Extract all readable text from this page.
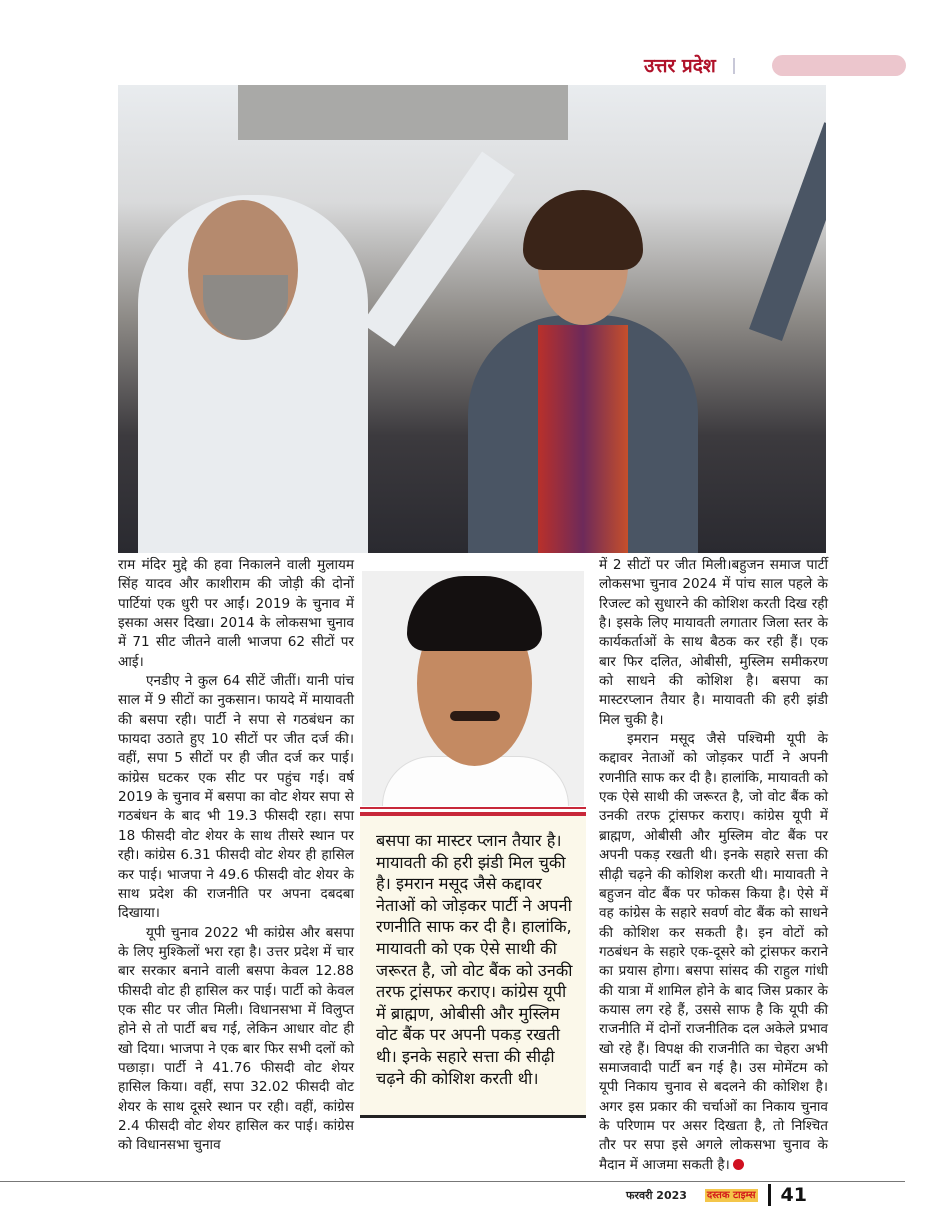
उत्तर प्रदेश

राम मंदिर मुद्दे की हवा निकालने वाली मुलायम सिंह यादव और काशीराम की जोड़ी की दोनों पार्टियां एक धुरी पर आईं। 2019 के चुनाव में इसका असर दिखा। 2014 के लोकसभा चुनाव में 71 सीट जीतने वाली भाजपा 62 सीटों पर आई।

एनडीए ने कुल 64 सीटें जीतीं। यानी पांच साल में 9 सीटों का नुकसान। फायदे में मायावती की बसपा रही। पार्टी ने सपा से गठबंधन का फायदा उठाते हुए 10 सीटों पर जीत दर्ज की। वहीं, सपा 5 सीटों पर ही जीत दर्ज कर पाई। कांग्रेस घटकर एक सीट पर पहुंच गई। वर्ष 2019 के चुनाव में बसपा का वोट शेयर सपा से गठबंधन के बाद भी 19.3 फीसदी रहा। सपा 18 फीसदी वोट शेयर के साथ तीसरे स्थान पर रही। कांग्रेस 6.31 फीसदी वोट शेयर ही हासिल कर पाई। भाजपा ने 49.6 फीसदी वोट शेयर के साथ प्रदेश की राजनीति पर अपना दबदबा दिखाया।

यूपी चुनाव 2022 भी कांग्रेस और बसपा के लिए मुश्किलों भरा रहा है। उत्तर प्रदेश में चार बार सरकार बनाने वाली बसपा केवल 12.88 फीसदी वोट ही हासिल कर पाई। पार्टी को केवल एक सीट पर जीत मिली। विधानसभा में विलुप्त होने से तो पार्टी बच गई, लेकिन आधार वोट ही खो दिया। भाजपा ने एक बार फिर सभी दलों को पछाड़ा। पार्टी ने 41.76 फीसदी वोट शेयर हासिल किया। वहीं, सपा 32.02 फीसदी वोट शेयर के साथ दूसरे स्थान पर रही। वहीं, कांग्रेस 2.4 फीसदी वोट शेयर हासिल कर पाई। कांग्रेस को विधानसभा चुनाव

बसपा का मास्टर प्लान तैयार है। मायावती की हरी झंडी मिल चुकी है। इमरान मसूद जैसे कद्दावर नेताओं को जोड़कर पार्टी ने अपनी रणनीति साफ कर दी है। हालांकि, मायावती को एक ऐसे साथी की जरूरत है, जो वोट बैंक को उनकी तरफ ट्रांसफर कराए। कांग्रेस यूपी में ब्राह्मण, ओबीसी और मुस्लिम वोट बैंक पर अपनी पकड़ रखती थी। इनके सहारे सत्ता की सीढ़ी चढ़ने की कोशिश करती थी।

में 2 सीटों पर जीत मिली।बहुजन समाज पार्टी लोकसभा चुनाव 2024 में पांच साल पहले के रिजल्ट को सुधारने की कोशिश करती दिख रही है। इसके लिए मायावती लगातार जिला स्तर के कार्यकर्ताओं के साथ बैठक कर रही हैं। एक बार फिर दलित, ओबीसी, मुस्लिम समीकरण को साधने की कोशिश है। बसपा का मास्टरप्लान तैयार है। मायावती की हरी झंडी मिल चुकी है।

इमरान मसूद जैसे पश्चिमी यूपी के कद्दावर नेताओं को जोड़कर पार्टी ने अपनी रणनीति साफ कर दी है। हालांकि, मायावती को एक ऐसे साथी की जरूरत है, जो वोट बैंक को उनकी तरफ ट्रांसफर कराए। कांग्रेस यूपी में ब्राह्मण, ओबीसी और मुस्लिम वोट बैंक पर अपनी पकड़ रखती थी। इनके सहारे सत्ता की सीढ़ी चढ़ने की कोशिश करती थी। मायावती ने बहुजन वोट बैंक पर फोकस किया है। ऐसे में वह कांग्रेस के सहारे सवर्ण वोट बैंक को साधने की कोशिश कर सकती है। इन वोटों को गठबंधन के सहारे एक-दूसरे को ट्रांसफर कराने का प्रयास होगा। बसपा सांसद की राहुल गांधी की यात्रा में शामिल होने के बाद जिस प्रकार के कयास लग रहे हैं, उससे साफ है कि यूपी की राजनीति में दोनों राजनीतिक दल अकेले प्रभाव खो रहे हैं। विपक्ष की राजनीति का चेहरा अभी समाजवादी पार्टी बन गई है। उस मोमेंटम को यूपी निकाय चुनाव से बदलने की कोशिश है। अगर इस प्रकार की चर्चाओं का निकाय चुनाव के परिणाम पर असर दिखता है, तो निश्चित तौर पर सपा इसे अगले लोकसभा चुनाव के मैदान में आजमा सकती है।

फरवरी 2023 दस्तक टाइम्स 41
